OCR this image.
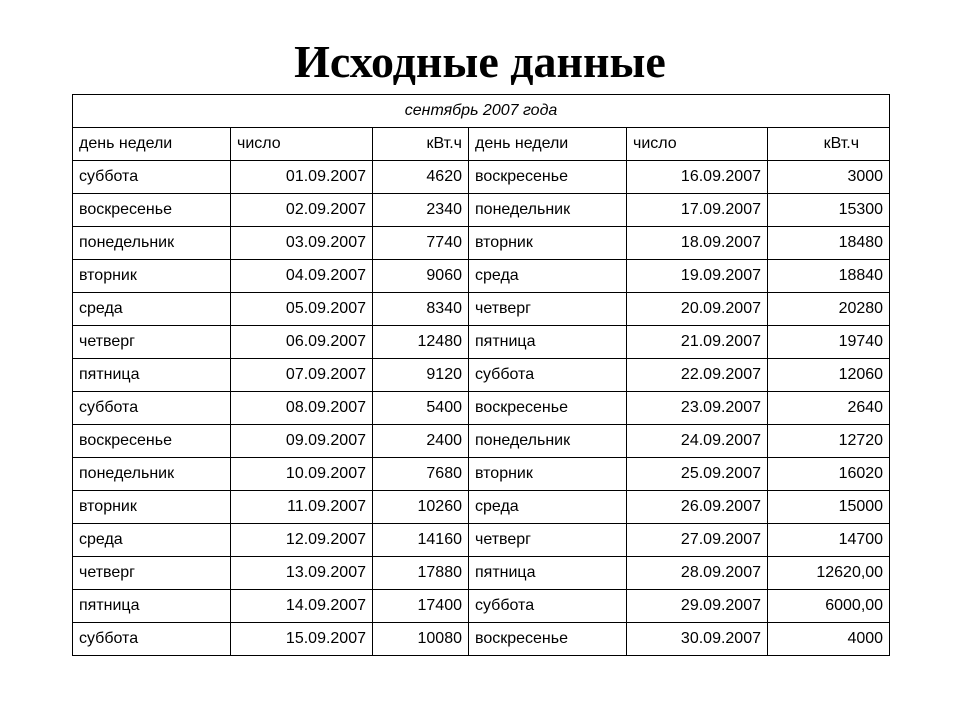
Исходные данные
сентябрь 2007 года					
день недели	число	кВт.ч	день недели	число	кВт.ч
суббота	01.09.2007	4620	воскресенье	16.09.2007	3000
воскресенье	02.09.2007	2340	понедельник	17.09.2007	15300
понедельник	03.09.2007	7740	вторник	18.09.2007	18480
вторник	04.09.2007	9060	среда	19.09.2007	18840
среда	05.09.2007	8340	четверг	20.09.2007	20280
четверг	06.09.2007	12480	пятница	21.09.2007	19740
пятница	07.09.2007	9120	суббота	22.09.2007	12060
суббота	08.09.2007	5400	воскресенье	23.09.2007	2640
воскресенье	09.09.2007	2400	понедельник	24.09.2007	12720
понедельник	10.09.2007	7680	вторник	25.09.2007	16020
вторник	11.09.2007	10260	среда	26.09.2007	15000
среда	12.09.2007	14160	четверг	27.09.2007	14700
четверг	13.09.2007	17880	пятница	28.09.2007	12620,00
пятница	14.09.2007	17400	суббота	29.09.2007	6000,00
суббота	15.09.2007	10080	воскресенье	30.09.2007	4000
